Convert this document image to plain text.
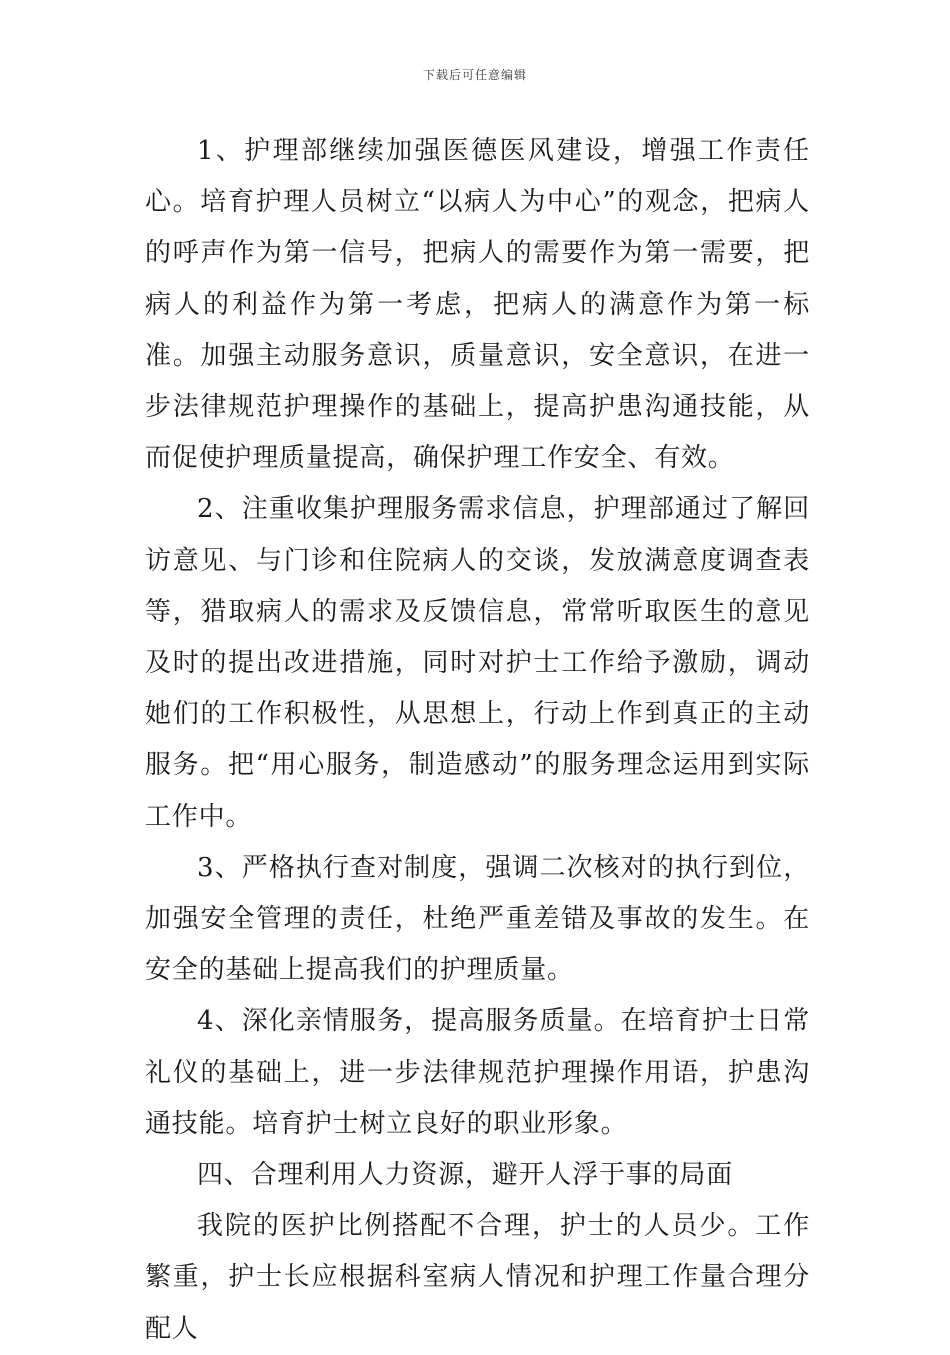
下载后可任意编辑

1、护理部继续加强医德医风建设，增强工作责任心。培育护理人员树立“以病人为中心”的观念，把病人的呼声作为第一信号，把病人的需要作为第一需要，把病人的利益作为第一考虑，把病人的满意作为第一标准。加强主动服务意识，质量意识，安全意识，在进一步法律规范护理操作的基础上，提高护患沟通技能，从而促使护理质量提高，确保护理工作安全、有效。

2、注重收集护理服务需求信息，护理部通过了解回访意见、与门诊和住院病人的交谈，发放满意度调查表等，猎取病人的需求及反馈信息，常常听取医生的意见及时的提出改进措施，同时对护士工作给予激励，调动她们的工作积极性，从思想上，行动上作到真正的主动服务。把“用心服务，制造感动”的服务理念运用到实际工作中。

3、严格执行查对制度，强调二次核对的执行到位，加强安全管理的责任，杜绝严重差错及事故的发生。在安全的基础上提高我们的护理质量。

4、深化亲情服务，提高服务质量。在培育护士日常礼仪的基础上，进一步法律规范护理操作用语，护患沟通技能。培育护士树立良好的职业形象。

四、合理利用人力资源，避开人浮于事的局面

我院的医护比例搭配不合理，护士的人员少。工作繁重，护士长应根据科室病人情况和护理工作量合理分配人
